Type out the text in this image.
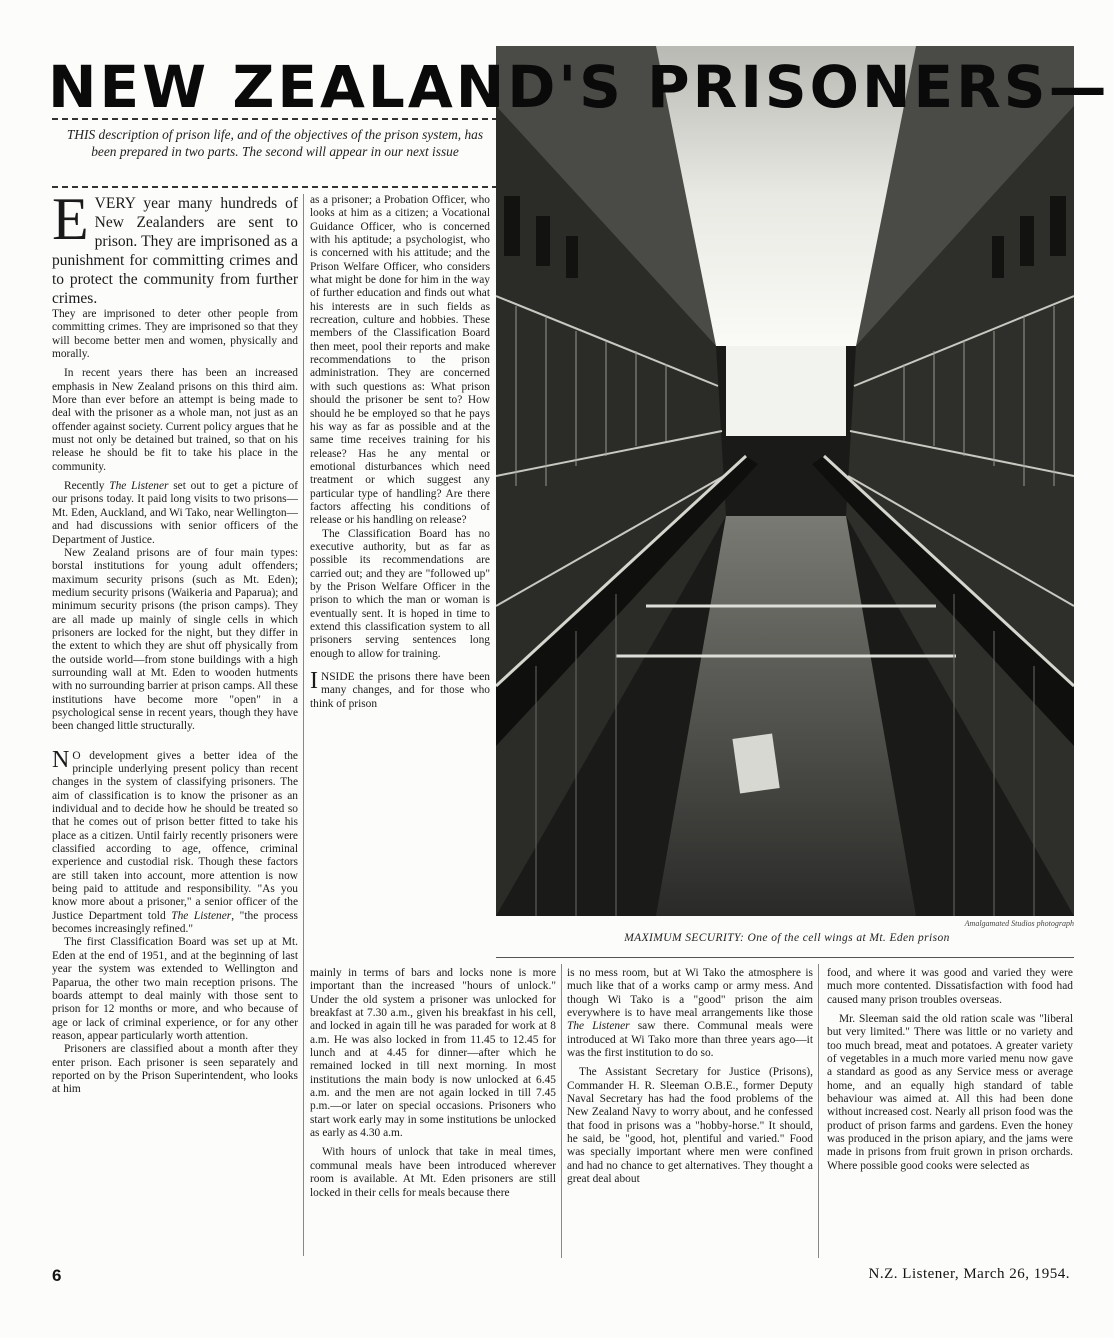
NEW ZEALAND'S PRISONERS—
THIS description of prison life, and of the objectives of the prison system, has been prepared in two parts. The second will appear in our next issue

EVERY year many hundreds of New Zealanders are sent to prison. They are imprisoned as a punishment for committing crimes and to protect the community from further crimes.

They are imprisoned to deter other people from committing crimes. They are imprisoned so that they will become better men and women, physically and morally.

In recent years there has been an increased emphasis in New Zealand prisons on this third aim. More than ever before an attempt is being made to deal with the prisoner as a whole man, not just as an offender against society. Current policy argues that he must not only be detained but trained, so that on his release he should be fit to take his place in the community.

Recently The Listener set out to get a picture of our prisons today. It paid long visits to two prisons—Mt. Eden, Auckland, and Wi Tako, near Wellington—and had discussions with senior officers of the Department of Justice.

New Zealand prisons are of four main types: borstal institutions for young adult offenders; maximum security prisons (such as Mt. Eden); medium security prisons (Waikeria and Paparua); and minimum security prisons (the prison camps). They are all made up mainly of single cells in which prisoners are locked for the night, but they differ in the extent to which they are shut off physically from the outside world—from stone buildings with a high surrounding wall at Mt. Eden to wooden hutments with no surrounding barrier at prison camps. All these institutions have become more "open" in a psychological sense in recent years, though they have been changed little structurally.

N O development gives a better idea of the principle underlying present policy than recent changes in the system of classifying prisoners. The aim of classification is to know the prisoner as an individual and to decide how he should be treated so that he comes out of prison better fitted to take his place as a citizen. Until fairly recently prisoners were classified according to age, offence, criminal experience and custodial risk. Though these factors are still taken into account, more attention is now being paid to attitude and responsibility. "As you know more about a prisoner," a senior officer of the Justice Department told The Listener, "the process becomes increasingly refined."

The first Classification Board was set up at Mt. Eden at the end of 1951, and at the beginning of last year the system was extended to Wellington and Paparua, the other two main reception prisons. The boards attempt to deal mainly with those sent to prison for 12 months or more, and who because of age or lack of criminal experience, or for any other reason, appear particularly worth attention.

Prisoners are classified about a month after they enter prison. Each prisoner is seen separately and reported on by the Prison Superintendent, who looks at him

as a prisoner; a Probation Officer, who looks at him as a citizen; a Vocational Guidance Officer, who is concerned with his aptitude; a psychologist, who is concerned with his attitude; and the Prison Welfare Officer, who considers what might be done for him in the way of further education and finds out what his interests are in such fields as recreation, culture and hobbies. These members of the Classification Board then meet, pool their reports and make recommendations to the prison administration. They are concerned with such questions as: What prison should the prisoner be sent to? How should he be employed so that he pays his way as far as possible and at the same time receives training for his release? Has he any mental or emotional disturbances which need treatment or which suggest any particular type of handling? Are there factors affecting his conditions of release or his handling on release?

The Classification Board has no executive authority, but as far as possible its recommendations are carried out; and they are "followed up" by the Prison Welfare Officer in the prison to which the man or woman is eventually sent. It is hoped in time to extend this classification system to all prisoners serving sentences long enough to allow for training.

INSIDE the prisons there have been many changes, and for those who think of prison

Amalgamated Studios photograph
MAXIMUM SECURITY: One of the cell wings at Mt. Eden prison

mainly in terms of bars and locks none is more important than the increased "hours of unlock." Under the old system a prisoner was unlocked for breakfast at 7.30 a.m., given his breakfast in his cell, and locked in again till he was paraded for work at 8 a.m. He was also locked in from 11.45 to 12.45 for lunch and at 4.45 for dinner—after which he remained locked in till next morning. In most institutions the main body is now unlocked at 6.45 a.m. and the men are not again locked in till 7.45 p.m.—or later on special occasions. Prisoners who start work early may in some institutions be unlocked as early as 4.30 a.m.

With hours of unlock that take in meal times, communal meals have been introduced wherever room is available. At Mt. Eden prisoners are still locked in their cells for meals because there

is no mess room, but at Wi Tako the atmosphere is much like that of a works camp or army mess. And though Wi Tako is a "good" prison the aim everywhere is to have meal arrangements like those The Listener saw there. Communal meals were introduced at Wi Tako more than three years ago—it was the first institution to do so.

The Assistant Secretary for Justice (Prisons), Commander H. R. Sleeman O.B.E., former Deputy Naval Secretary has had the food problems of the New Zealand Navy to worry about, and he confessed that food in prisons was a "hobby-horse." It should, he said, be "good, hot, plentiful and varied." Food was specially important where men were confined and had no chance to get alternatives. They thought a great deal about

food, and where it was good and varied they were much more contented. Dissatisfaction with food had caused many prison troubles overseas.

Mr. Sleeman said the old ration scale was "liberal but very limited." There was little or no variety and too much bread, meat and potatoes. A greater variety of vegetables in a much more varied menu now gave a standard as good as any Service mess or average home, and an equally high standard of table behaviour was aimed at. All this had been done without increased cost. Nearly all prison food was the product of prison farms and gardens. Even the honey was produced in the prison apiary, and the jams were made in prisons from fruit grown in prison orchards. Where possible good cooks were selected as

6	N.Z. Listener, March 26, 1954.
